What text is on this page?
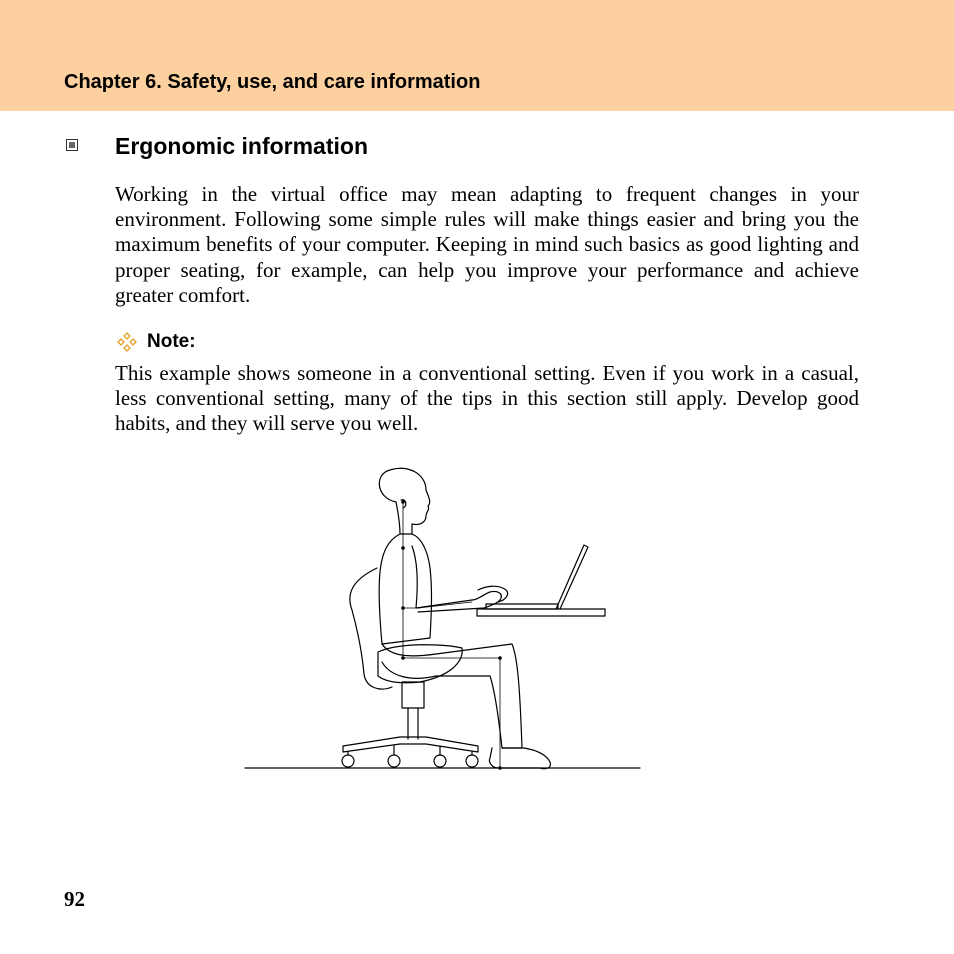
Chapter 6. Safety, use, and care information
Ergonomic information

Working in the virtual office may mean adapting to frequent changes in your environment. Following some simple rules will make things easier and bring you the maximum benefits of your computer. Keeping in mind such basics as good lighting and proper seating, for example, can help you improve your performance and achieve greater comfort.

Note:

This example shows someone in a conventional setting. Even if you work in a casual, less conventional setting, many of the tips in this section still apply. Develop good habits, and they will serve you well.

92
